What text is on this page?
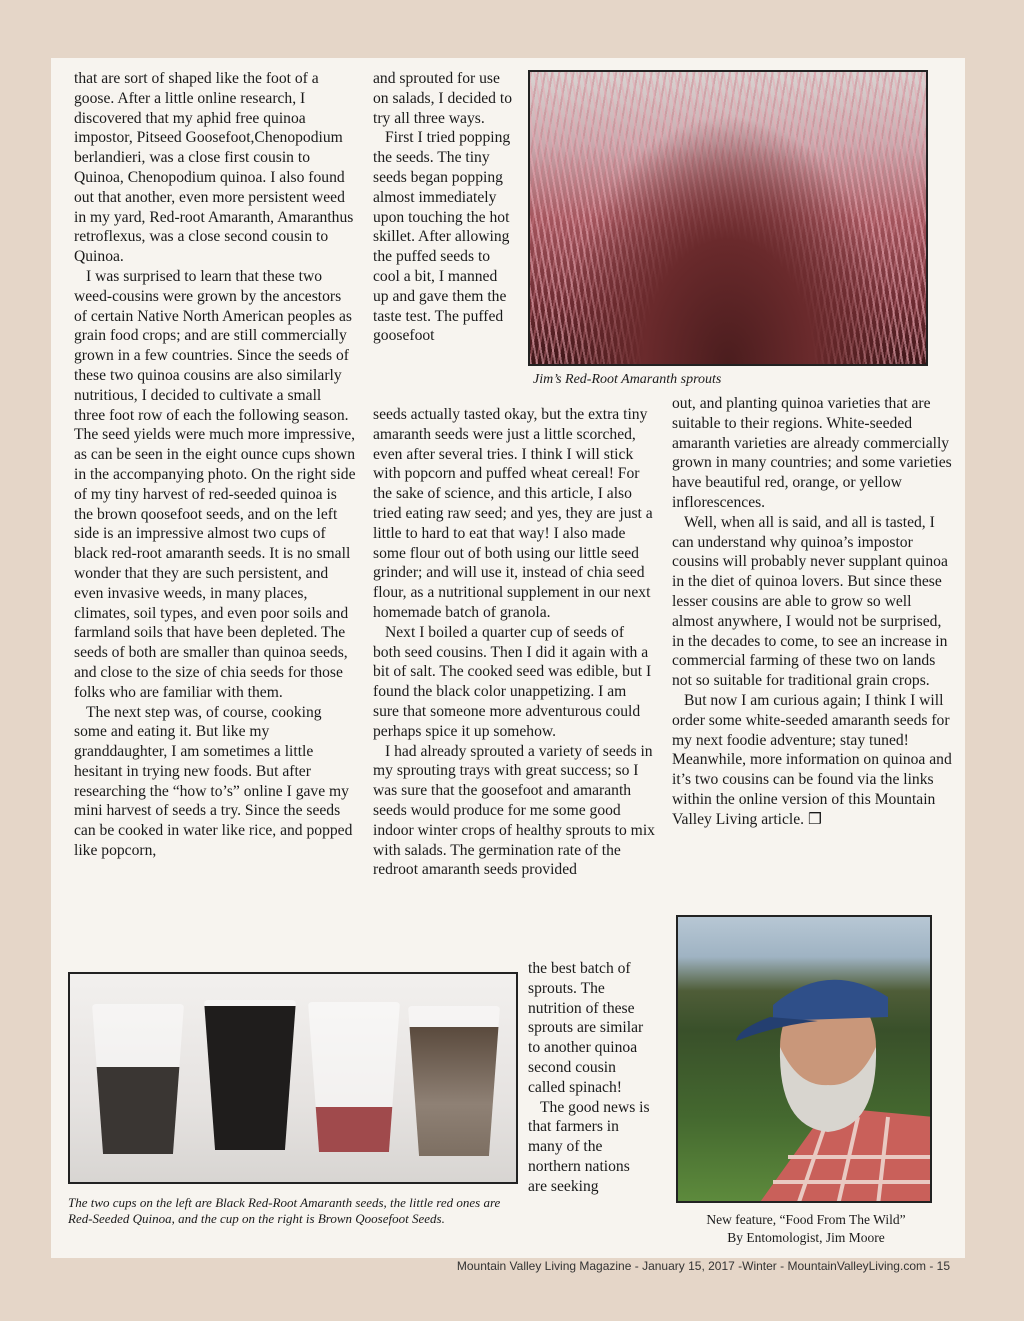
that are sort of shaped like the foot of a goose. After a little online research, I discovered that my aphid free quinoa impostor, Pitseed Goosefoot,Chenopodium berlandieri, was a close first cousin to Quinoa, Chenopodium quinoa. I also found out that another, even more persistent weed in my yard, Red-root Amaranth, Amaranthus retroflexus, was a close second cousin to Quinoa.

I was surprised to learn that these two weed-cousins were grown by the ancestors of certain Native North American peoples as grain food crops; and are still commercially grown in a few countries. Since the seeds of these two quinoa cousins are also similarly nutritious, I decided to cultivate a small three foot row of each the following season. The seed yields were much more impressive, as can be seen in the eight ounce cups shown in the accompanying photo. On the right side of my tiny harvest of red-seeded quinoa is the brown qoosefoot seeds, and on the left side is an impressive almost two cups of black red-root amaranth seeds. It is no small wonder that they are such persistent, and even invasive weeds, in many places, climates, soil types, and even poor soils and farmland soils that have been depleted. The seeds of both are smaller than quinoa seeds, and close to the size of chia seeds for those folks who are familiar with them.

The next step was, of course, cooking some and eating it. But like my granddaughter, I am sometimes a little hesitant in trying new foods. But after researching the “how to’s” online I gave my mini harvest of seeds a try. Since the seeds can be cooked in water like rice, and popped like popcorn,

and sprouted for use on salads, I decided to try all three ways.

First I tried popping the seeds. The tiny seeds began popping almost immediately upon touching the hot skillet. After allowing the puffed seeds to cool a bit, I manned up and gave them the taste test. The puffed goosefoot

seeds actually tasted okay, but the extra tiny amaranth seeds were just a little scorched, even after several tries. I think I will stick with popcorn and puffed wheat cereal! For the sake of science, and this article, I also tried eating raw seed; and yes, they are just a little to hard to eat that way! I also made some flour out of both using our little seed grinder; and will use it, instead of chia seed flour, as a nutritional supplement in our next homemade batch of granola.

Next I boiled a quarter cup of seeds of both seed cousins. Then I did it again with a bit of salt. The cooked seed was edible, but I found the black color unappetizing. I am sure that someone more adventurous could perhaps spice it up somehow.

I had already sprouted a variety of seeds in my sprouting trays with great success; so I was sure that the goosefoot and amaranth seeds would produce for me some good indoor winter crops of healthy sprouts to mix with salads. The germination rate of the redroot amaranth seeds provided

the best batch of sprouts. The nutrition of these sprouts are similar to another quinoa second cousin called spinach!

The good news is that farmers in many of the northern nations are seeking

out, and planting quinoa varieties that are suitable to their regions. White-seeded amaranth varieties are already commercially grown in many countries; and some varieties have beautiful red, orange, or yellow inflorescences.

Well, when all is said, and all is tasted, I can understand why quinoa’s impostor cousins will probably never supplant quinoa in the diet of quinoa lovers. But since these lesser cousins are able to grow so well almost anywhere, I would not be surprised, in the decades to come, to see an increase in commercial farming of these two on lands not so suitable for traditional grain crops.

But now I am curious again; I think I will order some white-seeded amaranth seeds for my next foodie adventure; stay tuned! Meanwhile, more information on quinoa and it’s two cousins can be found via the links within the online version of this Mountain Valley Living article. ❒

Jim’s Red-Root Amaranth sprouts
The two cups on the left are Black Red-Root Amaranth seeds, the little red ones are Red-Seeded Quinoa, and the cup on the right is Brown Qoosefoot Seeds.	New feature, “Food From The Wild”
By Entomologist, Jim Moore
Mountain Valley Living Magazine - January 15, 2017 -Winter - MountainValleyLiving.com - 15
